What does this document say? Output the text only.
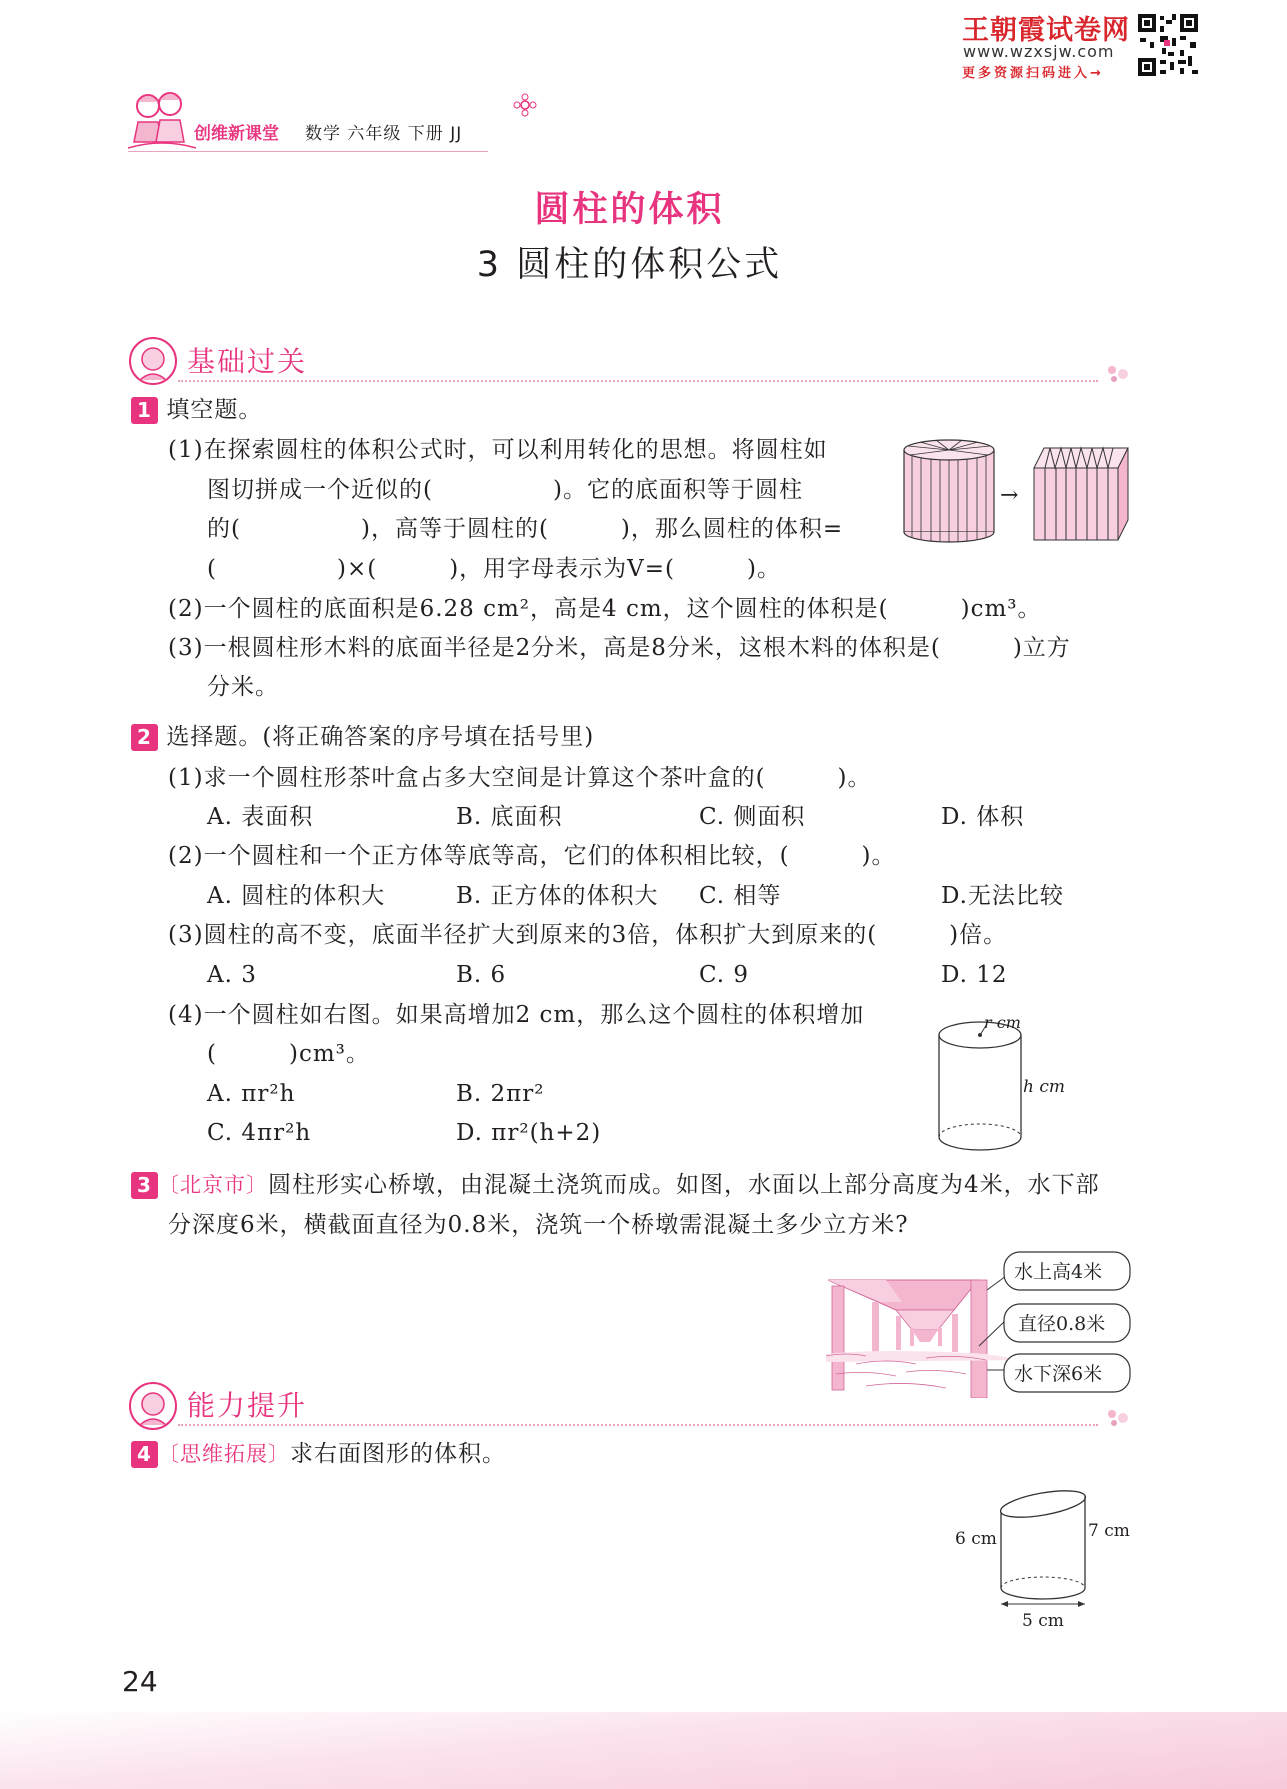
王朝霞试卷网
www.wzxsjw.com
更多资源扫码进入→
创维新课堂 数学 六年级 下册 JJ
圆柱的体积
3 圆柱的体积公式
基础过关
1 填空题。
(1)在探索圆柱的体积公式时，可以利用转化的思想。将圆柱如
图切拼成一个近似的(　　　　　)。它的底面积等于圆柱
的(　　　　　)，高等于圆柱的(　　　)，那么圆柱的体积=
(　　　　　)×(　　　)，用字母表示为V=(　　　)。
(2)一个圆柱的底面积是6.28 cm²，高是4 cm，这个圆柱的体积是(　　　)cm³。
(3)一根圆柱形木料的底面半径是2分米，高是8分米，这根木料的体积是(　　　)立方
分米。
→
2 选择题。(将正确答案的序号填在括号里)
(1)求一个圆柱形茶叶盒占多大空间是计算这个茶叶盒的(　　　)。
A. 表面积	B. 底面积	C. 侧面积	D. 体积
(2)一个圆柱和一个正方体等底等高，它们的体积相比较，(　　　)。
A. 圆柱的体积大	B. 正方体的体积大 C. 相等	D.无法比较
(3)圆柱的高不变，底面半径扩大到原来的3倍，体积扩大到原来的(　　　)倍。
A. 3	B. 6	C. 9	D. 12
(4)一个圆柱如右图。如果高增加2 cm，那么这个圆柱的体积增加
(　　　)cm³。
A. πr²h	B. 2πr²
C. 4πr²h	D. πr²(h+2)
r cm
h cm
3 〔北京市〕圆柱形实心桥墩，由混凝土浇筑而成。如图，水面以上部分高度为4米，水下部
分深度6米，横截面直径为0.8米，浇筑一个桥墩需混凝土多少立方米?
水上高4米
直径0.8米
水下深6米
能力提升
4 〔思维拓展〕求右面图形的体积。
6 cm	7 cm
5 cm
24
